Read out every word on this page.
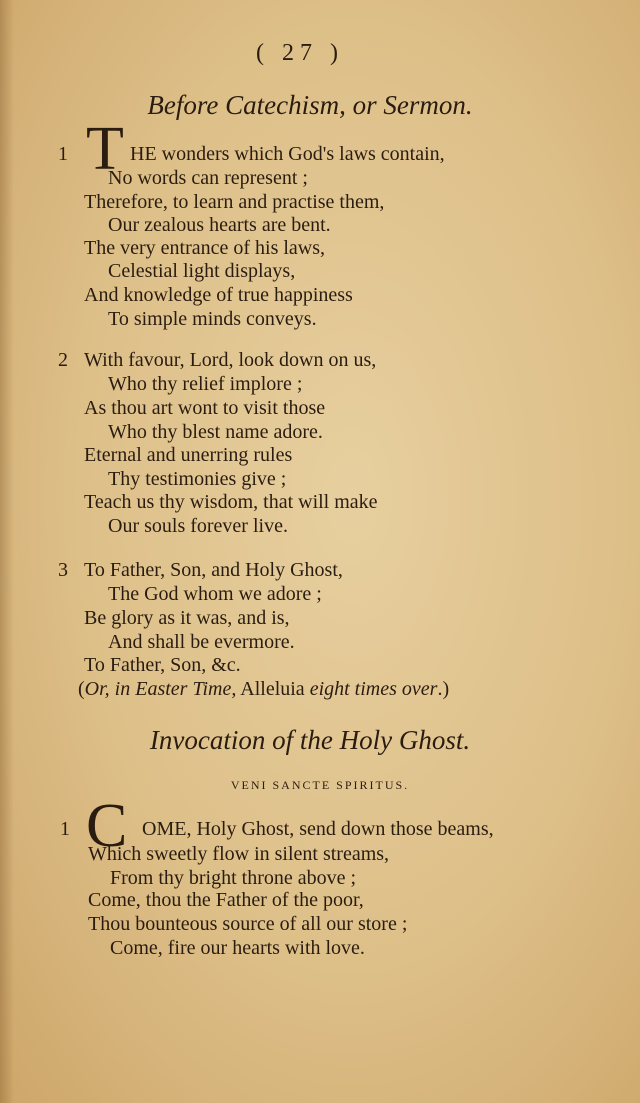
( 27 )
Before Catechism, or Sermon.
1 T HE wonders which God's laws contain,
No words can represent ;
Therefore, to learn and practise them,
Our zealous hearts are bent.
The very entrance of his laws,
Celestial light displays,
And knowledge of true happiness
To simple minds conveys.
2 With favour, Lord, look down on us,
Who thy relief implore ;
As thou art wont to visit those
Who thy blest name adore.
Eternal and unerring rules
Thy testimonies give ;
Teach us thy wisdom, that will make
Our souls forever live.
3 To Father, Son, and Holy Ghost,
The God whom we adore ;
Be glory as it was, and is,
And shall be evermore.
To Father, Son, &c.
(Or, in Easter Time, Alleluia eight times over.)
Invocation of the Holy Ghost.
VENI SANCTE SPIRITUS.
1 C OME, Holy Ghost, send down those beams,
Which sweetly flow in silent streams,
From thy bright throne above ;
Come, thou the Father of the poor,
Thou bounteous source of all our store ;
Come, fire our hearts with love.
